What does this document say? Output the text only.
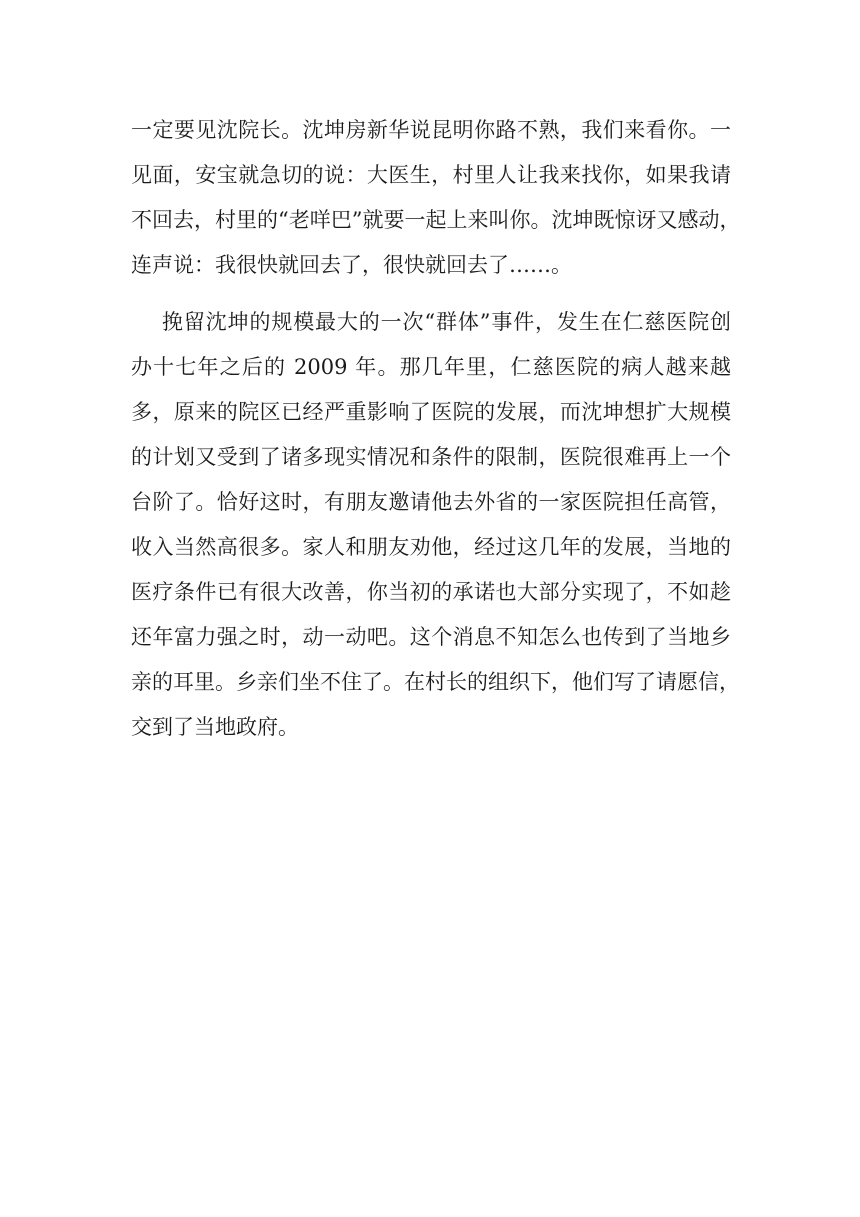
一定要见沈院长。沈坤房新华说昆明你路不熟，我们来看你。一
见面，安宝就急切的说：大医生，村里人让我来找你，如果我请
不回去，村里的“老咩巴”就要一起上来叫你。沈坤既惊讶又感动，
连声说：我很快就回去了，很快就回去了……。
挽留沈坤的规模最大的一次“群体”事件，发生在仁慈医院创
办十七年之后的 2009 年。那几年里，仁慈医院的病人越来越
多，原来的院区已经严重影响了医院的发展，而沈坤想扩大规模
的计划又受到了诸多现实情况和条件的限制，医院很难再上一个
台阶了。恰好这时，有朋友邀请他去外省的一家医院担任高管，
收入当然高很多。家人和朋友劝他，经过这几年的发展，当地的
医疗条件已有很大改善，你当初的承诺也大部分实现了，不如趁
还年富力强之时，动一动吧。这个消息不知怎么也传到了当地乡
亲的耳里。乡亲们坐不住了。在村长的组织下，他们写了请愿信，
交到了当地政府。
